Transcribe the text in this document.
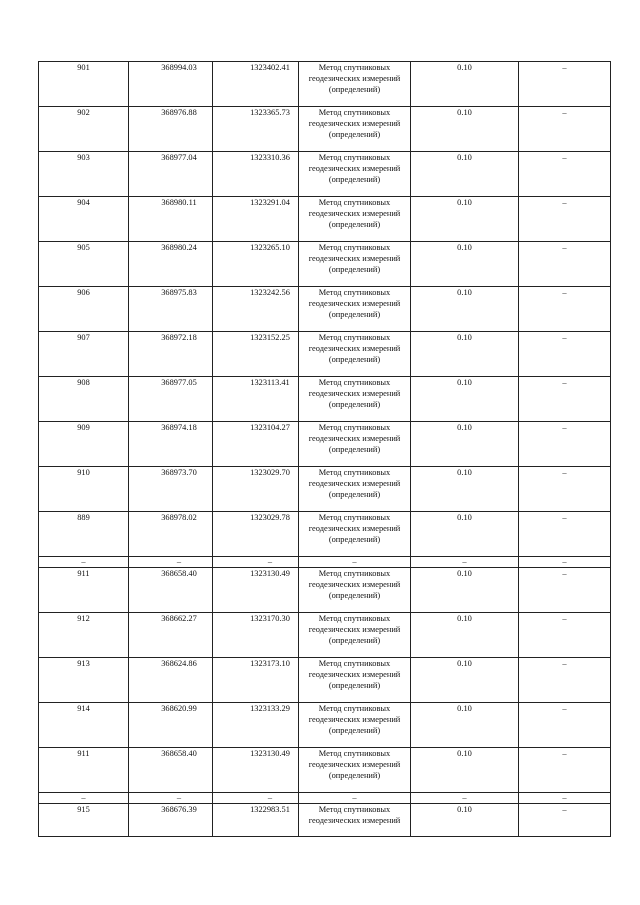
901	368994.03	1323402.41	Метод спутниковых геодезических измерений (определений)	0.10	–
902	368976.88	1323365.73	Метод спутниковых геодезических измерений (определений)	0.10	–
903	368977.04	1323310.36	Метод спутниковых геодезических измерений (определений)	0.10	–
904	368980.11	1323291.04	Метод спутниковых геодезических измерений (определений)	0.10	–
905	368980.24	1323265.10	Метод спутниковых геодезических измерений (определений)	0.10	–
906	368975.83	1323242.56	Метод спутниковых геодезических измерений (определений)	0.10	–
907	368972.18	1323152.25	Метод спутниковых геодезических измерений (определений)	0.10	–
908	368977.05	1323113.41	Метод спутниковых геодезических измерений (определений)	0.10	–
909	368974.18	1323104.27	Метод спутниковых геодезических измерений (определений)	0.10	–
910	368973.70	1323029.70	Метод спутниковых геодезических измерений (определений)	0.10	–
889	368978.02	1323029.78	Метод спутниковых геодезических измерений (определений)	0.10	–
–	–	–	–	–	–
911	368658.40	1323130.49	Метод спутниковых геодезических измерений (определений)	0.10	–
912	368662.27	1323170.30	Метод спутниковых геодезических измерений (определений)	0.10	–
913	368624.86	1323173.10	Метод спутниковых геодезических измерений (определений)	0.10	–
914	368620.99	1323133.29	Метод спутниковых геодезических измерений (определений)	0.10	–
911	368658.40	1323130.49	Метод спутниковых геодезических измерений (определений)	0.10	–
–	–	–	–	–	–
915	368676.39	1322983.51	Метод спутниковых геодезических измерений	0.10	–
